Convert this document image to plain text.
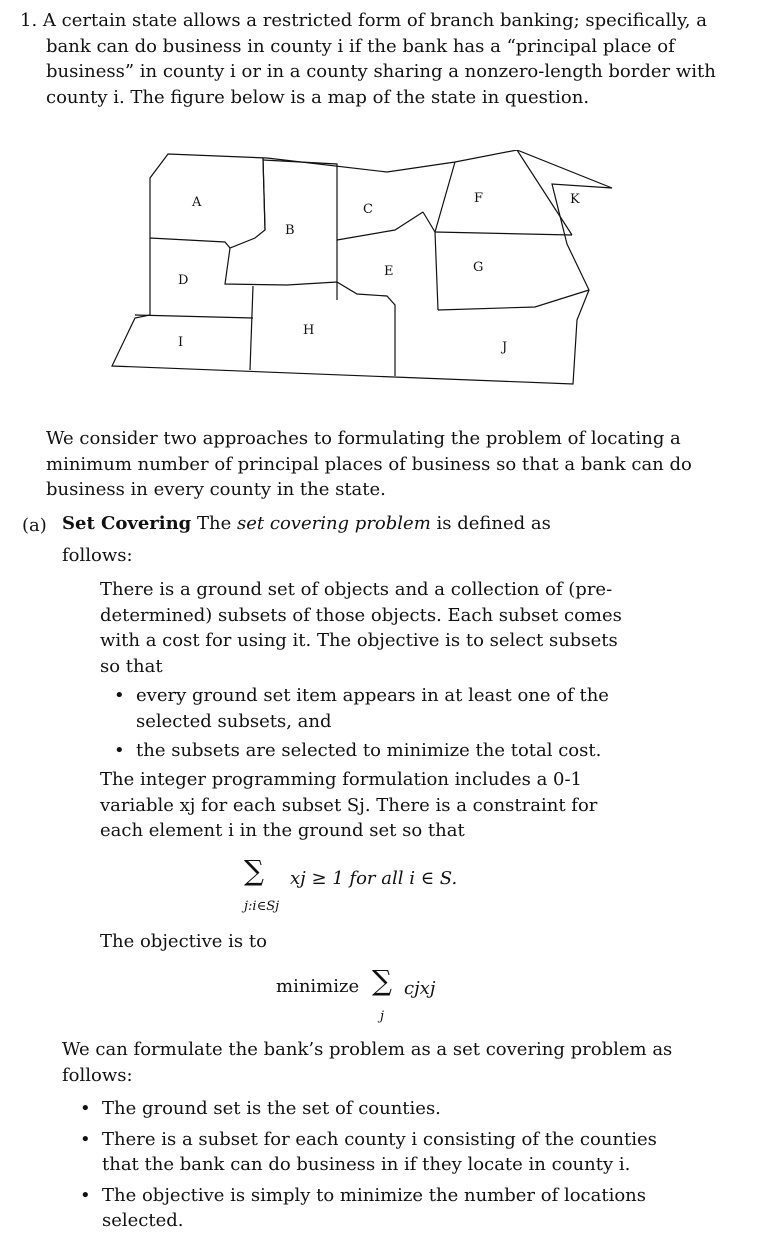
1. A certain state allows a restricted form of branch banking; specifically, a bank can do business in county i if the bank has a “principal place of business” in county i or in a county sharing a nonzero-length border with county i. The figure below is a map of the state in question.
A
B
C
D
E
F
G
H
I	J
K
We consider two approaches to formulating the problem of locating a minimum number of principal places of business so that a bank can do business in every county in the state.
(a) Set Covering The set covering problem is defined as
follows:
There is a ground set of objects and a collection of (pre-determined) subsets of those objects. Each subset comes with a cost for using it. The objective is to select subsets so that
• every ground set item appears in at least one of the selected subsets, and
• the subsets are selected to minimize the total cost.
The integer programming formulation includes a 0-1 variable xj for each subset Sj. There is a constraint for each element i in the ground set so that
∑ xj ≥ 1 for all i ∈ S.
j:i∈Sj
The objective is to
minimize ∑ cjxj
j
We can formulate the bank’s problem as a set covering problem as follows:
• The ground set is the set of counties.
• There is a subset for each county i consisting of the counties that the bank can do business in if they locate in county i.
• The objective is simply to minimize the number of locations selected.
